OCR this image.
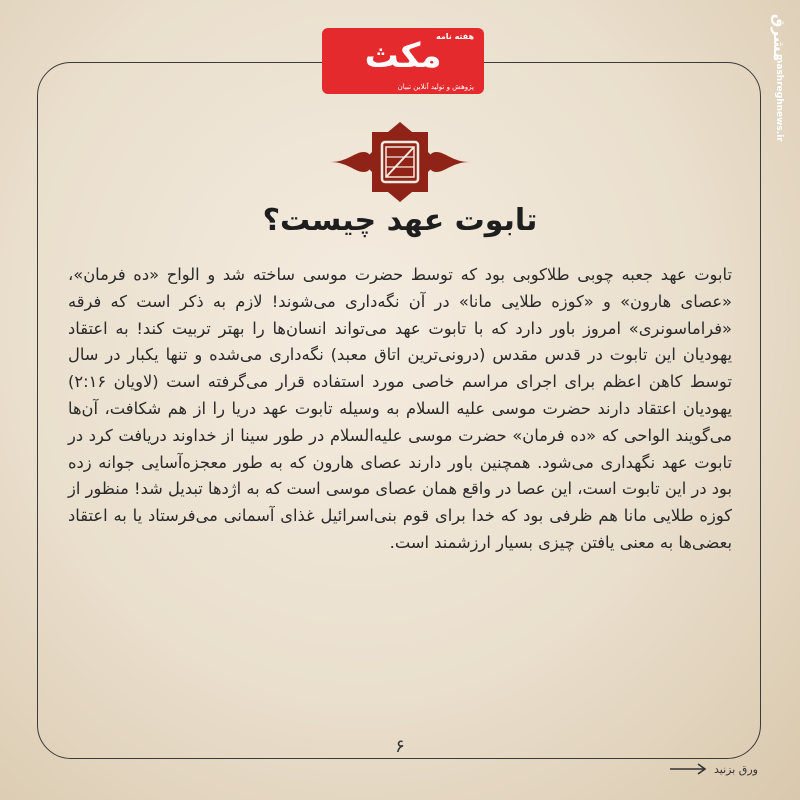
هفته نامه
مکث
پژوهش و تولید آنلاین تبیان
مشرق
mashreghnews.ir
تابوت عهد چیست؟
تابوت عهد جعبه چوبی طلاکوبی بود که توسط حضرت موسی ساخته شد و الواح «ده فرمان»، «عصای هارون» و «کوزه طلایی مانا» در آن نگه‌داری می‌شوند! لازم به ذکر است که فرقه «فراماسونری» امروز باور دارد که با تابوت عهد می‌تواند انسان‌ها را بهتر تربیت کند! به اعتقاد یهودیان این تابوت در قدس مقدس (درونی‌ترین اتاق معبد) نگه‌داری می‌شده و تنها یکبار در سال توسط کاهن اعظم برای اجرای مراسم خاصی مورد استفاده قرار می‌گرفته است (لاویان ۲:۱۶) یهودیان اعتقاد دارند حضرت موسی علیه السلام به وسیله تابوت عهد دریا را از هم شکافت، آن‌ها می‌گویند الواحی که «ده فرمان» حضرت موسی علیه‌السلام در طور سینا از خداوند دریافت کرد در تابوت عهد نگهداری می‌شود. همچنین باور دارند عصای هارون که به طور معجزه‌آسایی جوانه زده بود در این تابوت است، این عصا در واقع همان عصای موسی است که به اژدها تبدیل شد! منظور از کوزه طلایی مانا هم ظرفی بود که خدا برای قوم بنی‌اسرائیل غذای آسمانی می‌فرستاد یا به اعتقاد بعضی‌ها به معنی یافتن چیزی بسیار ارزشمند است.
۶
ورق بزنید
